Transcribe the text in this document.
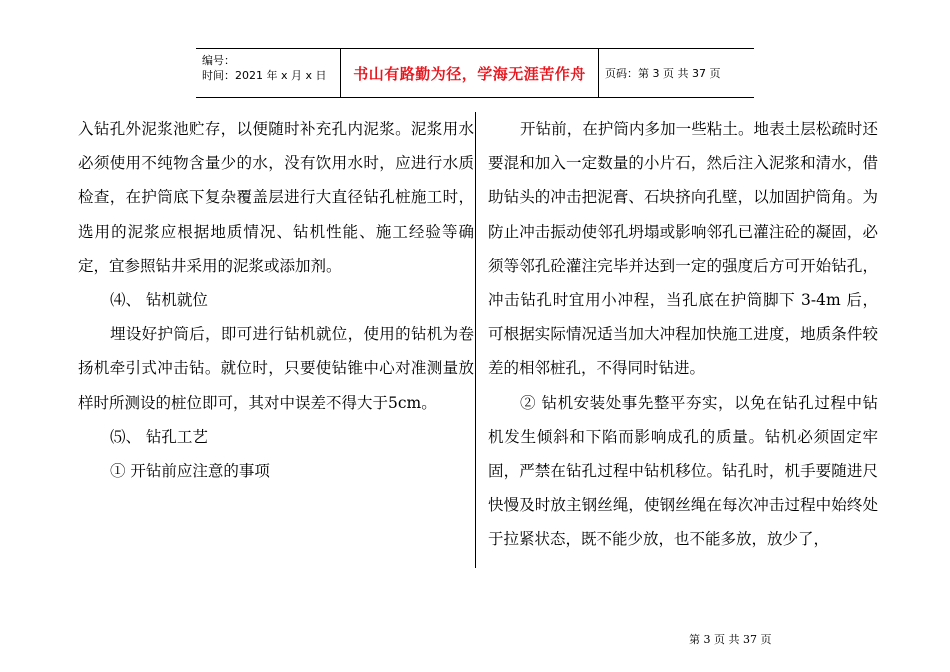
编号：
时间：2021 年 x 月 x 日	书山有路勤为径，学海无涯苦作舟 页码：第 3 页 共 37 页

入钻孔外泥浆池贮存，以便随时补充孔内泥浆。泥浆用水必须使用不纯物含量少的水，没有饮用水时，应进行水质检查，在护筒底下复杂覆盖层进行大直径钻孔桩施工时，选用的泥浆应根据地质情况、钻机性能、施工经验等确定，宜参照钻井采用的泥浆或添加剂。

⑷、 钻机就位

埋设好护筒后，即可进行钻机就位，使用的钻机为卷扬机牵引式冲击钻。就位时，只要使钻锥中心对准测量放样时所测设的桩位即可，其对中误差不得大于5cm。

⑸、 钻孔工艺

① 开钻前应注意的事项

开钻前，在护筒内多加一些粘土。地表土层松疏时还要混和加入一定数量的小片石，然后注入泥浆和清水，借助钻头的冲击把泥膏、石块挤向孔壁，以加固护筒角。为防止冲击振动使邻孔坍塌或影响邻孔已灌注砼的凝固，必须等邻孔砼灌注完毕并达到一定的强度后方可开始钻孔，冲击钻孔时宜用小冲程，当孔底在护筒脚下 3-4m 后，可根据实际情况适当加大冲程加快施工进度，地质条件较差的相邻桩孔，不得同时钻进。

② 钻机安装处事先整平夯实，以免在钻孔过程中钻机发生倾斜和下陷而影响成孔的质量。钻机必须固定牢固，严禁在钻孔过程中钻机移位。钻孔时，机手要随进尺快慢及时放主钢丝绳，使钢丝绳在每次冲击过程中始终处于拉紧状态，既不能少放，也不能多放，放少了，

第 3 页 共 37 页
